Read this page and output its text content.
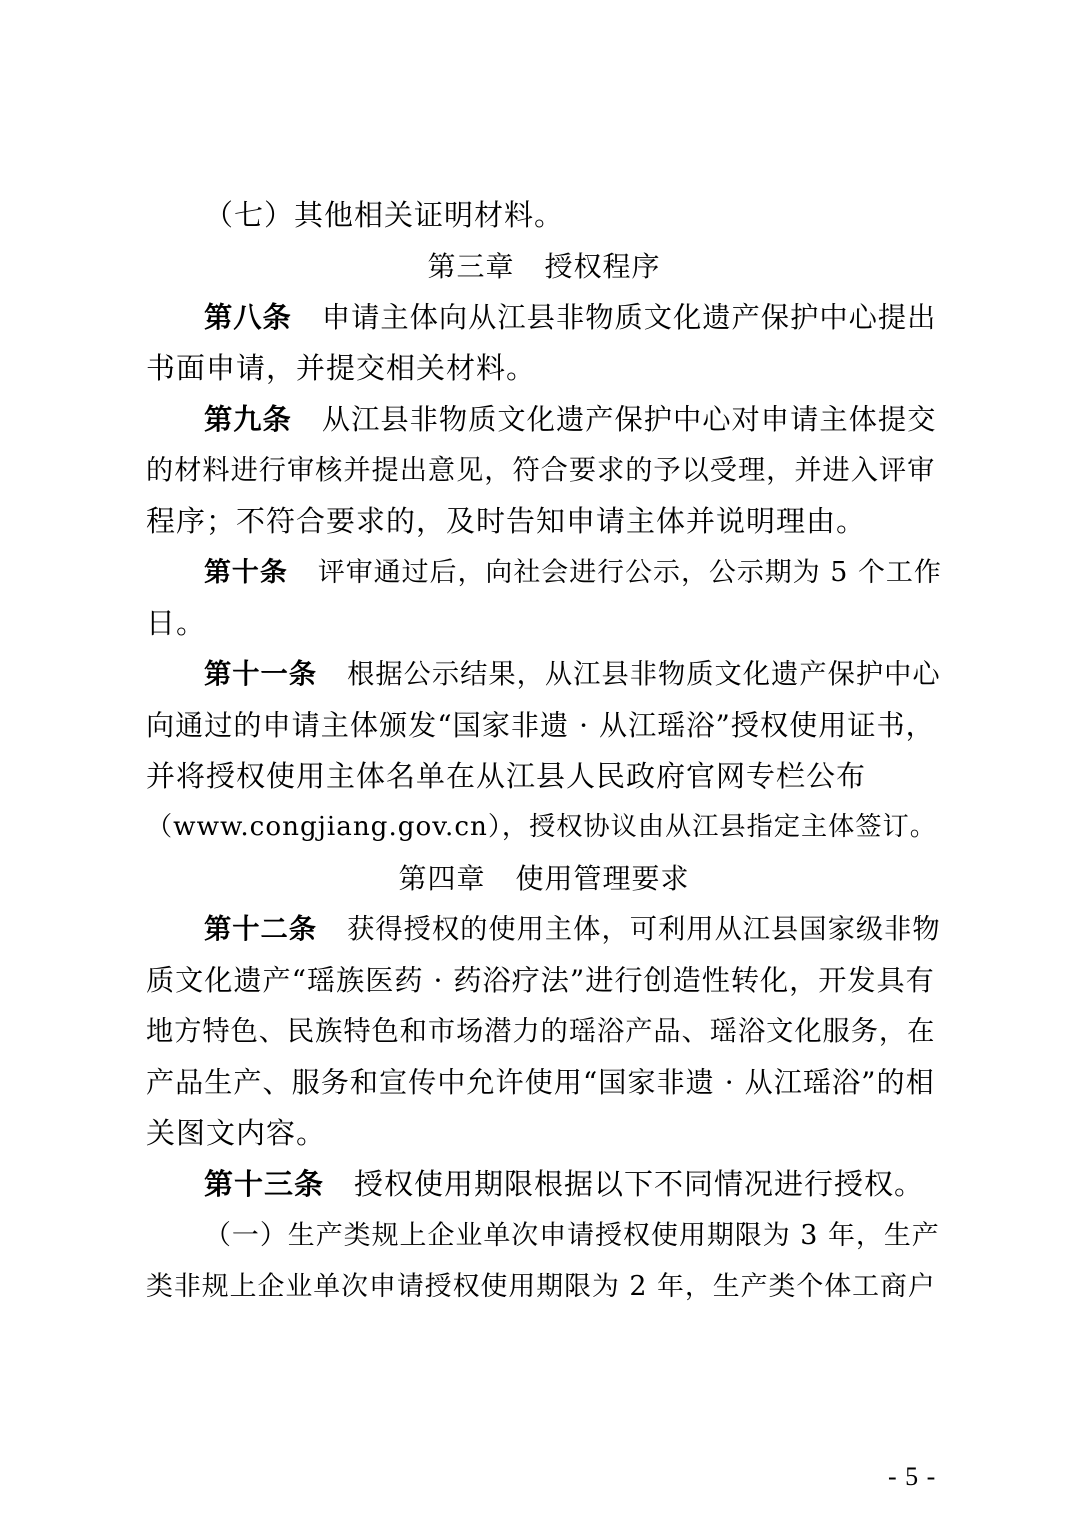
（七）其他相关证明材料。
第三章 授权程序
第八条 申请主体向从江县非物质文化遗产保护中心提出
书面申请，并提交相关材料。
第九条 从江县非物质文化遗产保护中心对申请主体提交
的材料进行审核并提出意见，符合要求的予以受理，并进入评审
程序；不符合要求的，及时告知申请主体并说明理由。
第十条 评审通过后，向社会进行公示，公示期为 5 个工作
日。
第十一条 根据公示结果，从江县非物质文化遗产保护中心
向通过的申请主体颁发“国家非遗 · 从江瑶浴”授权使用证书，
并将授权使用主体名单在从江县人民政府官网专栏公布
（www.congjiang.gov.cn），授权协议由从江县指定主体签订。
第四章 使用管理要求
第十二条 获得授权的使用主体，可利用从江县国家级非物
质文化遗产“瑶族医药 · 药浴疗法”进行创造性转化，开发具有
地方特色、民族特色和市场潜力的瑶浴产品、瑶浴文化服务，在
产品生产、服务和宣传中允许使用“国家非遗 · 从江瑶浴”的相
关图文内容。
第十三条 授权使用期限根据以下不同情况进行授权。
（一）生产类规上企业单次申请授权使用期限为 3 年，生产
类非规上企业单次申请授权使用期限为 2 年，生产类个体工商户
- 5 -
